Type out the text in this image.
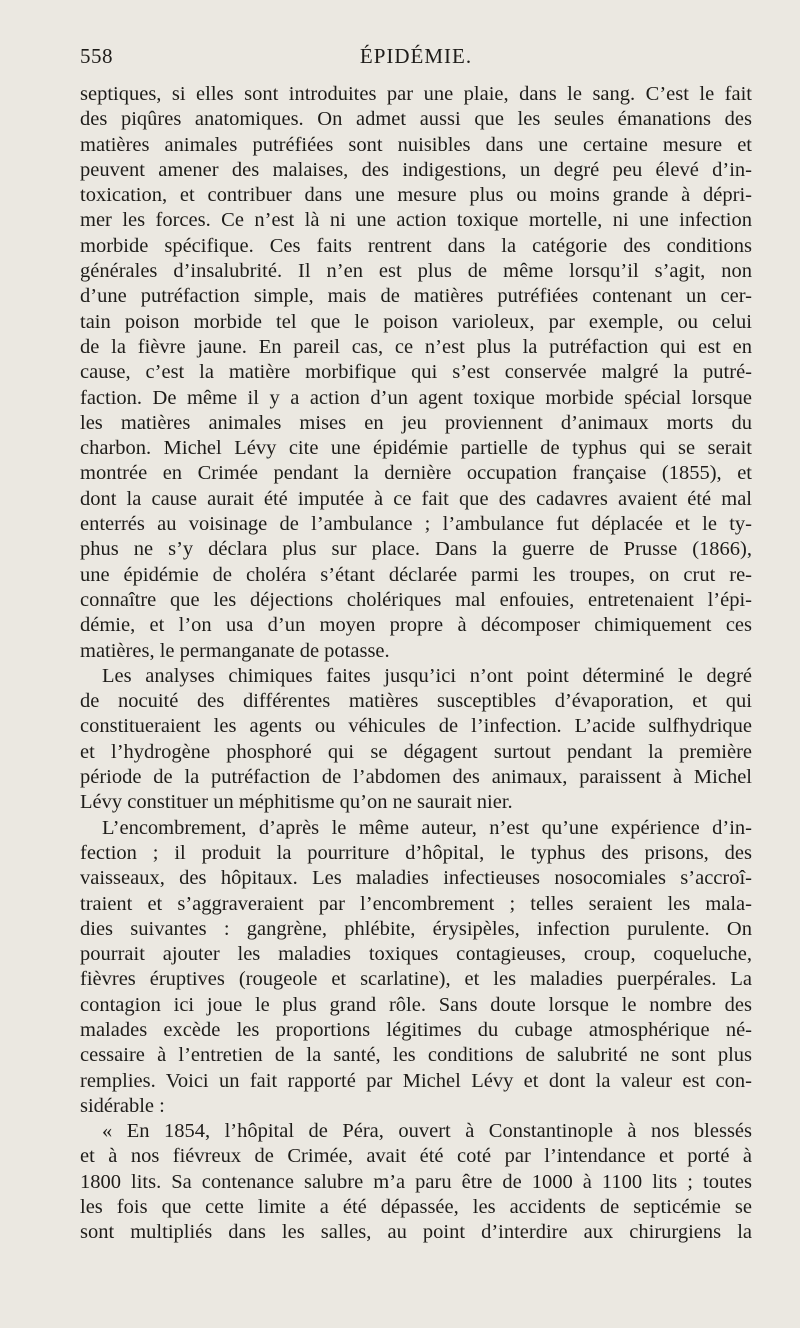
558	ÉPIDÉMIE.
septiques, si elles sont introduites par une plaie, dans le sang. C’est le fait
des piqûres anatomiques. On admet aussi que les seules émanations des
matières animales putréfiées sont nuisibles dans une certaine mesure et
peuvent amener des malaises, des indigestions, un degré peu élevé d’in-
toxication, et contribuer dans une mesure plus ou moins grande à dépri-
mer les forces. Ce n’est là ni une action toxique mortelle, ni une infection
morbide spécifique. Ces faits rentrent dans la catégorie des conditions
générales d’insalubrité. Il n’en est plus de même lorsqu’il s’agit, non
d’une putréfaction simple, mais de matières putréfiées contenant un cer-
tain poison morbide tel que le poison varioleux, par exemple, ou celui
de la fièvre jaune. En pareil cas, ce n’est plus la putréfaction qui est en
cause, c’est la matière morbifique qui s’est conservée malgré la putré-
faction. De même il y a action d’un agent toxique morbide spécial lorsque
les matières animales mises en jeu proviennent d’animaux morts du
charbon. Michel Lévy cite une épidémie partielle de typhus qui se serait
montrée en Crimée pendant la dernière occupation française (1855), et
dont la cause aurait été imputée à ce fait que des cadavres avaient été mal
enterrés au voisinage de l’ambulance ; l’ambulance fut déplacée et le ty-
phus ne s’y déclara plus sur place. Dans la guerre de Prusse (1866),
une épidémie de choléra s’étant déclarée parmi les troupes, on crut re-
connaître que les déjections cholériques mal enfouies, entretenaient l’épi-
démie, et l’on usa d’un moyen propre à décomposer chimiquement ces
matières, le permanganate de potasse.
Les analyses chimiques faites jusqu’ici n’ont point déterminé le degré
de nocuité des différentes matières susceptibles d’évaporation, et qui
constitueraient les agents ou véhicules de l’infection. L’acide sulfhydrique
et l’hydrogène phosphoré qui se dégagent surtout pendant la première
période de la putréfaction de l’abdomen des animaux, paraissent à Michel
Lévy constituer un méphitisme qu’on ne saurait nier.
L’encombrement, d’après le même auteur, n’est qu’une expérience d’in-
fection ; il produit la pourriture d’hôpital, le typhus des prisons, des
vaisseaux, des hôpitaux. Les maladies infectieuses nosocomiales s’accroî-
traient et s’aggraveraient par l’encombrement ; telles seraient les mala-
dies suivantes : gangrène, phlébite, érysipèles, infection purulente. On
pourrait ajouter les maladies toxiques contagieuses, croup, coqueluche,
fièvres éruptives (rougeole et scarlatine), et les maladies puerpérales. La
contagion ici joue le plus grand rôle. Sans doute lorsque le nombre des
malades excède les proportions légitimes du cubage atmosphérique né-
cessaire à l’entretien de la santé, les conditions de salubrité ne sont plus
remplies. Voici un fait rapporté par Michel Lévy et dont la valeur est con-
sidérable :
« En 1854, l’hôpital de Péra, ouvert à Constantinople à nos blessés
et à nos fiévreux de Crimée, avait été coté par l’intendance et porté à
1800 lits. Sa contenance salubre m’a paru être de 1000 à 1100 lits ; toutes
les fois que cette limite a été dépassée, les accidents de septicémie se
sont multipliés dans les salles, au point d’interdire aux chirurgiens la
